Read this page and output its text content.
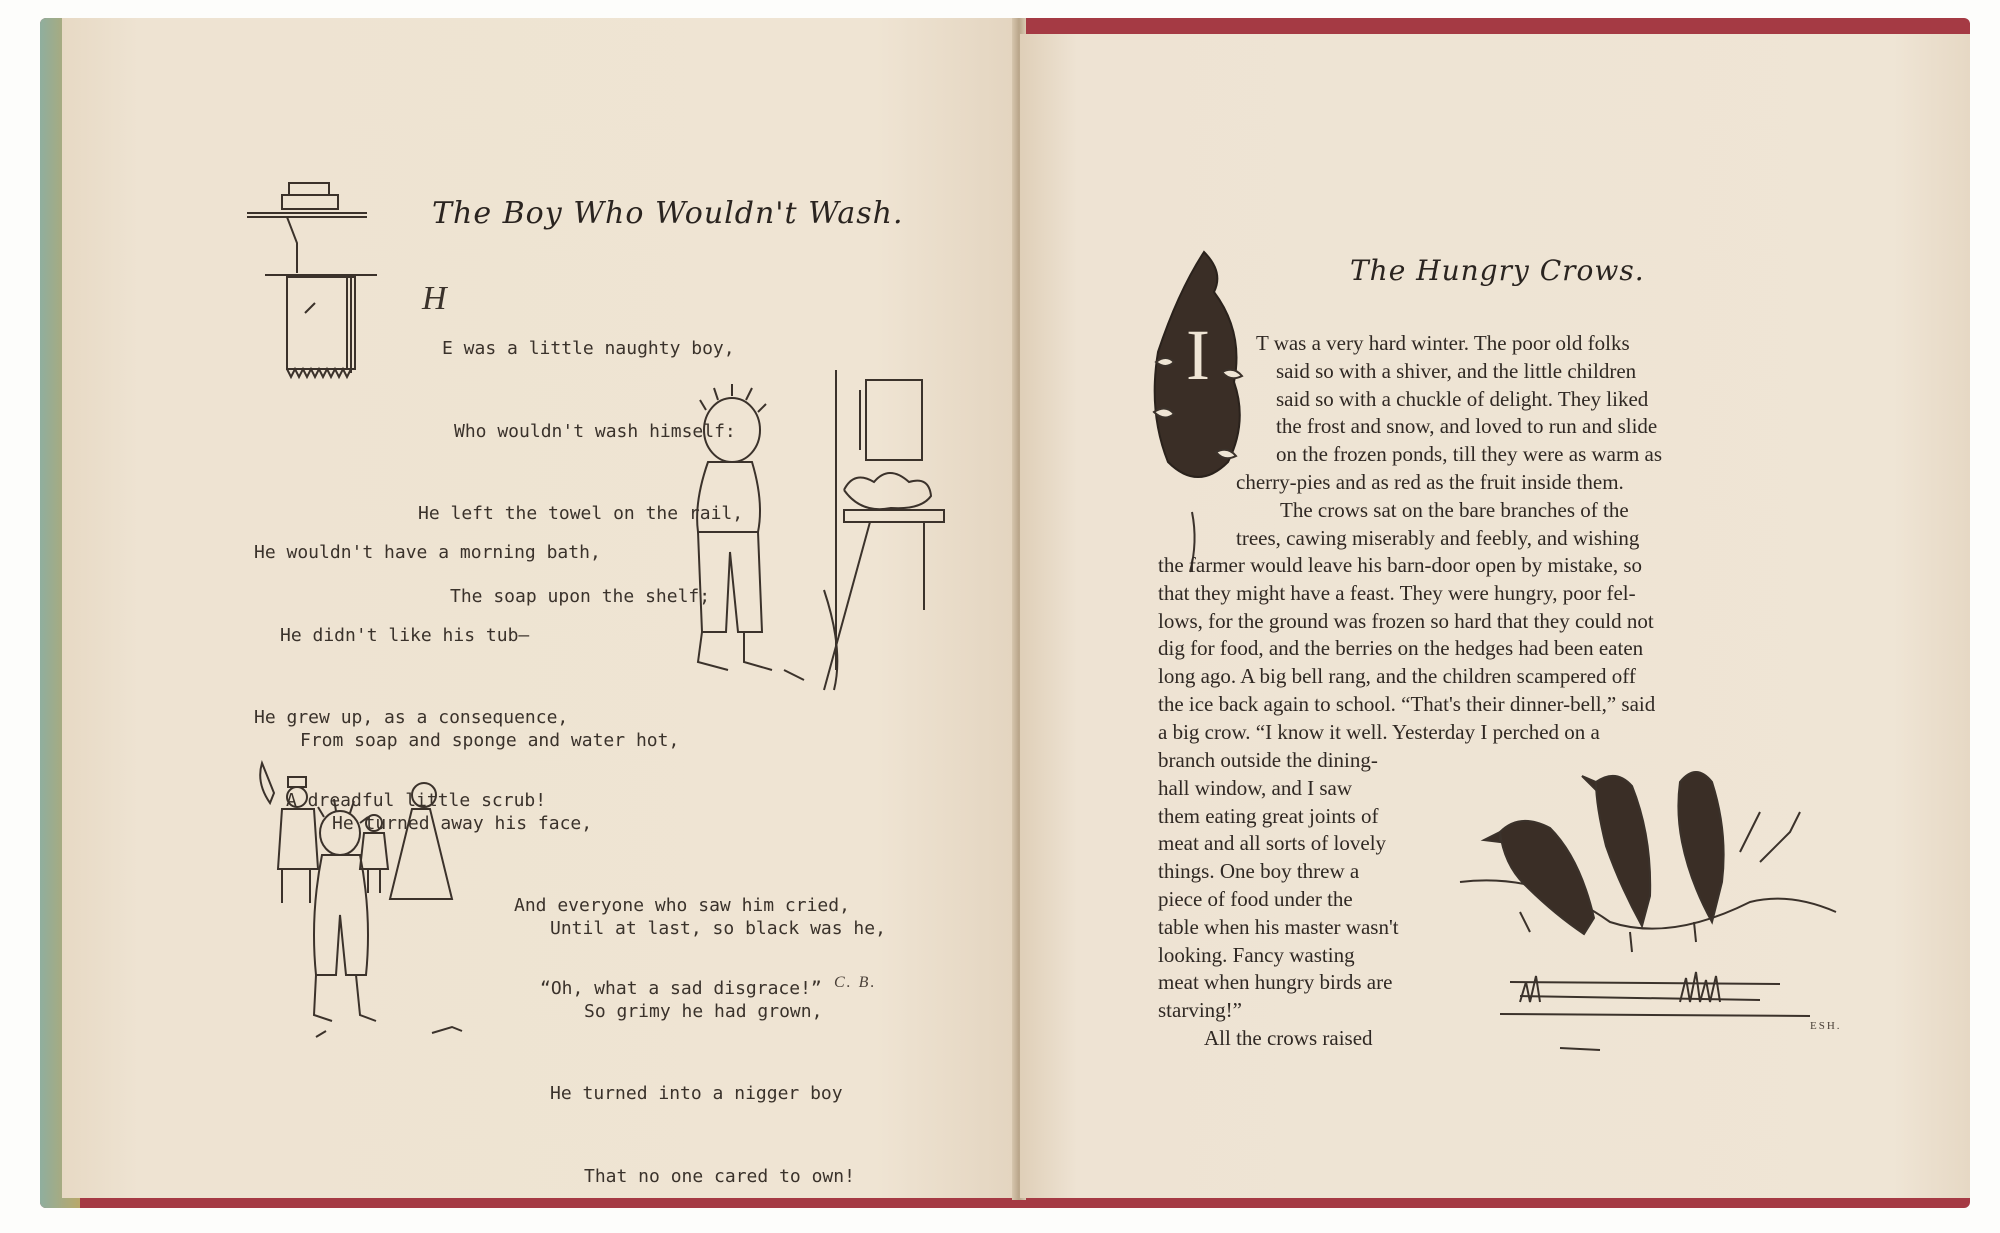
The Boy Who Wouldn't Wash.
H

E was a little naughty boy,

Who wouldn't wash himself:

He left the towel on the rail,

The soap upon the shelf;

He wouldn't have a morning bath,

He didn't like his tub—

He grew up, as a consequence,

A dreadful little scrub!

From soap and sponge and water hot,

He turned away his face,

And everyone who saw him cried,

“Oh, what a sad disgrace!”

Until at last, so black was he,

So grimy he had grown,

He turned into a nigger boy

That no one cared to own!

C. B.
The Hungry Crows.
I T was a very hard winter. The poor old folks

said so with a shiver, and the little children

said so with a chuckle of delight. They liked

the frost and snow, and loved to run and slide

on the frozen ponds, till they were as warm as

cherry-pies and as red as the fruit inside them.

The crows sat on the bare branches of the

trees, cawing miserably and feebly, and wishing

the farmer would leave his barn-door open by mistake, so

that they might have a feast. They were hungry, poor fel-

lows, for the ground was frozen so hard that they could not

dig for food, and the berries on the hedges had been eaten

long ago. A big bell rang, and the children scampered off

the ice back again to school. “That's their dinner-bell,” said

a big crow. “I know it well. Yesterday I perched on a

branch outside the dining-

hall window, and I saw

them eating great joints of

meat and all sorts of lovely

things. One boy threw a

piece of food under the

table when his master wasn't

looking. Fancy wasting

meat when hungry birds are

starving!”

All the crows raised	ESH.
